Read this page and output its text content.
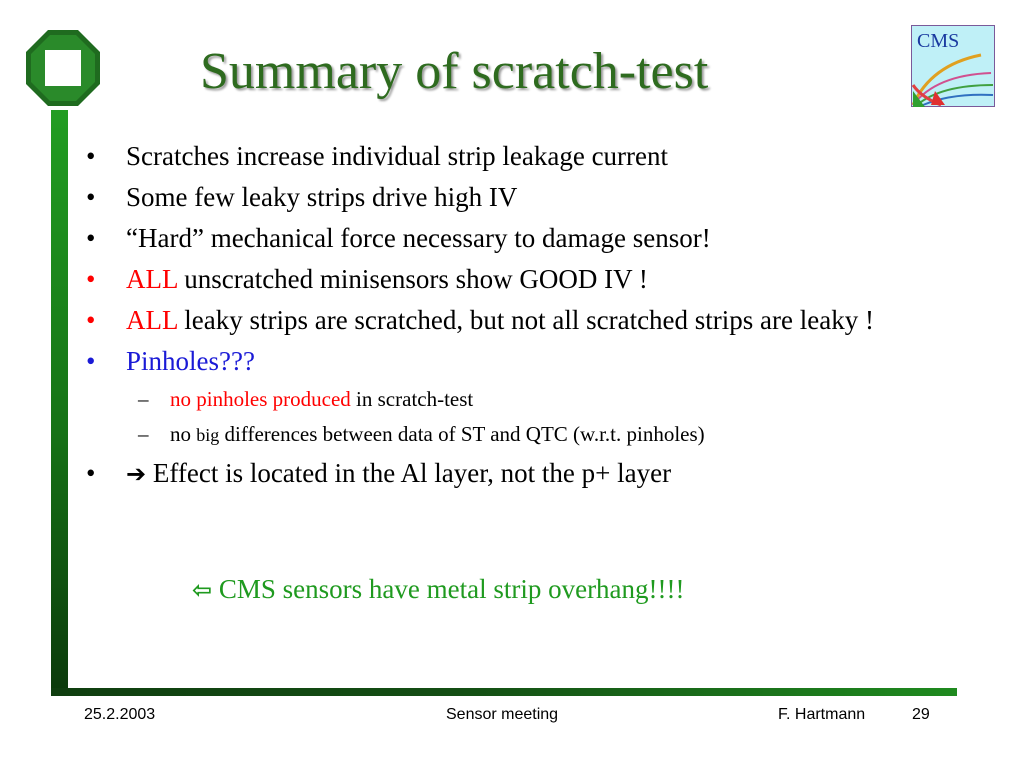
CMS
Summary of scratch-test
•	Scratches increase individual strip leakage current
•	Some few leaky strips drive high IV
•	“Hard” mechanical force necessary to damage sensor!
•	ALL unscratched minisensors show GOOD IV !
•	ALL leaky strips are scratched, but not all scratched strips are leaky !
•	Pinholes???
– no pinholes produced in scratch-test
– no big differences between data of ST and QTC (w.r.t. pinholes)
•	➔ Effect is located in the Al layer, not the p+ layer
⇦ CMS sensors have metal strip overhang!!!!
25.2.2003	Sensor meeting	F. Hartmann	29
